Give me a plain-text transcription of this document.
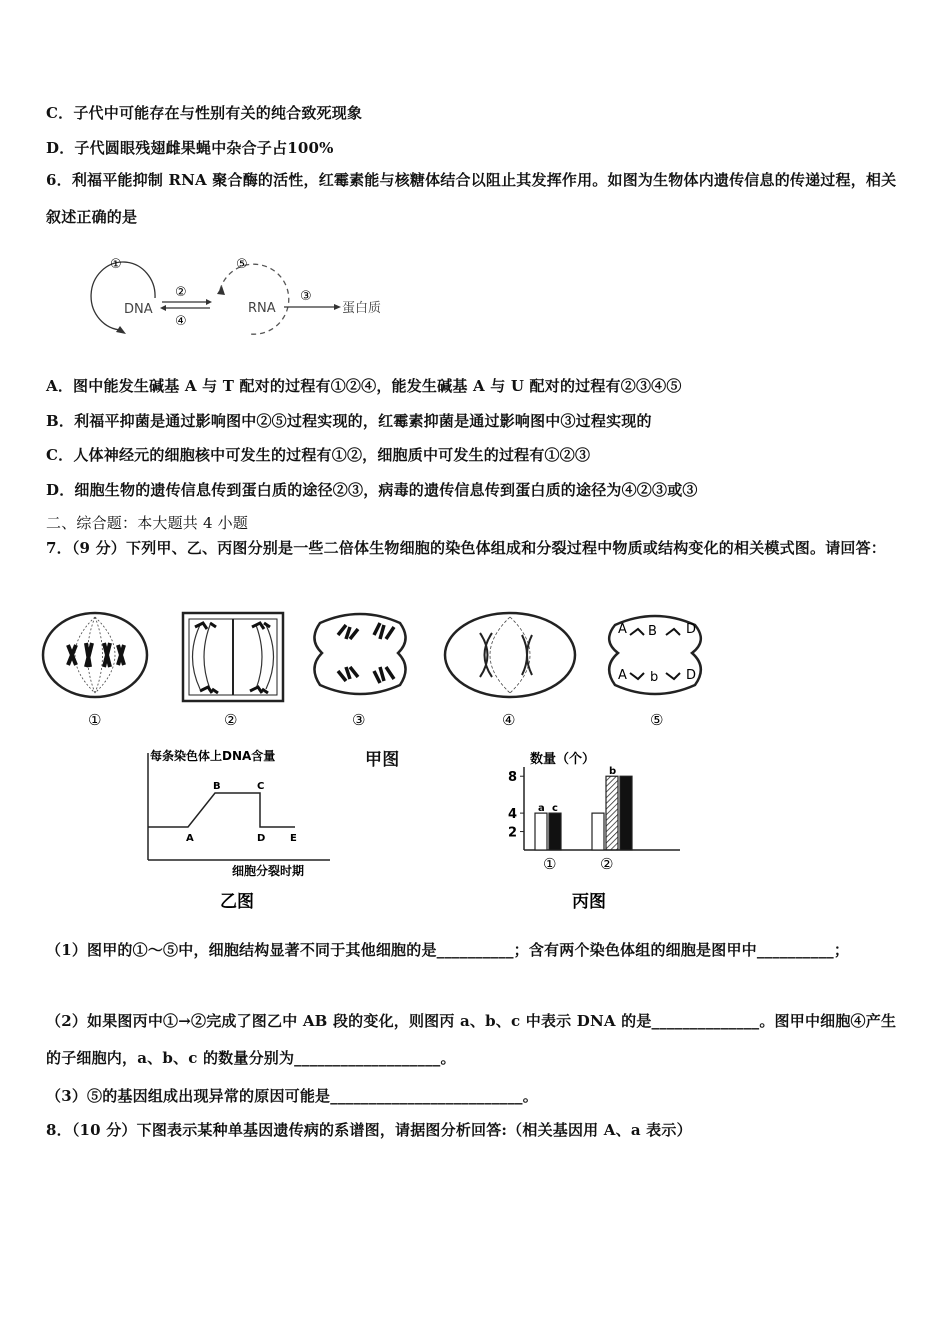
C．子代中可能存在与性别有关的纯合致死现象
D．子代圆眼残翅雌果蝇中杂合子占100%
6．利福平能抑制 RNA 聚合酶的活性，红霉素能与核糖体结合以阻止其发挥作用。如图为生物体内遗传信息的传递过程，相关叙述正确的是
①
DNA
②
④
⑤
RNA
③
蛋白质
A．图中能发生碱基 A 与 T 配对的过程有①②④，能发生碱基 A 与 U 配对的过程有②③④⑤
B．利福平抑菌是通过影响图中②⑤过程实现的，红霉素抑菌是通过影响图中③过程实现的
C．人体神经元的细胞核中可发生的过程有①②，细胞质中可发生的过程有①②③
D．细胞生物的遗传信息传到蛋白质的途径②③，病毒的遗传信息传到蛋白质的途径为④②③或③
二、综合题：本大题共 4 小题
7．（9 分）下列甲、乙、丙图分别是一些二倍体生物细胞的染色体组成和分裂过程中物质或结构变化的相关模式图。请回答：
①	②	③	④
A B D
A b D
⑤
每条染色体上DNA含量
A
B	C
D E
细胞分裂时期
乙图
甲图	数量（个）
2
4
8
a c
①
b
②
丙图
（1）图甲的①～⑤中，细胞结构显著不同于其他细胞的是__________；含有两个染色体组的细胞是图甲中__________；
（2）如果图丙中①→②完成了图乙中 AB 段的变化，则图丙 a、b、c 中表示 DNA 的是______________。图甲中细胞④产生的子细胞内，a、b、c 的数量分别为___________________。
（3）⑤的基因组成出现异常的原因可能是_________________________。
8．（10 分）下图表示某种单基因遗传病的系谱图，请据图分析回答:（相关基因用 A、a 表示）
